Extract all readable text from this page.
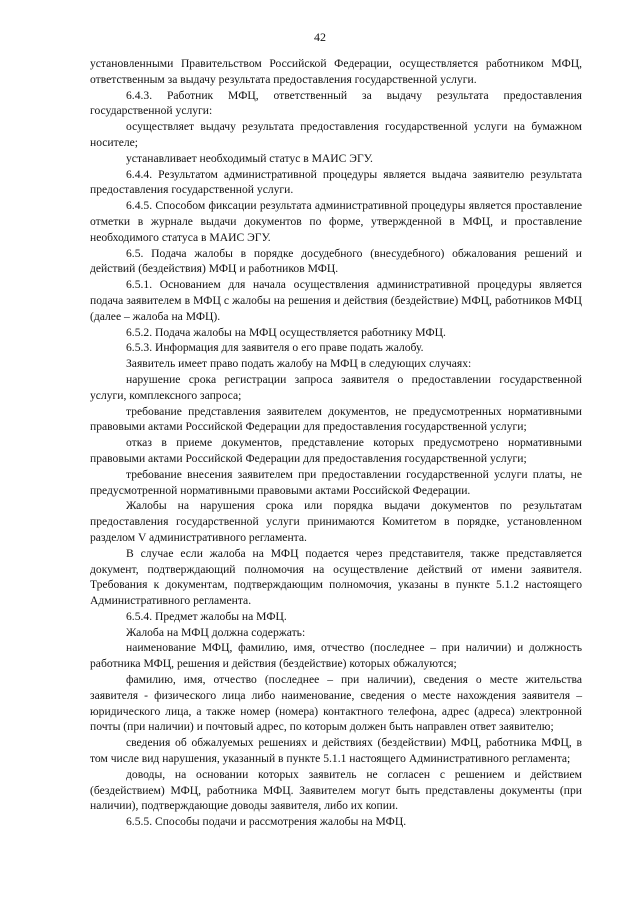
42

установленными Правительством Российской Федерации, осуществляется работником МФЦ, ответственным за выдачу результата предоставления государственной услуги.

6.4.3. Работник МФЦ, ответственный за выдачу результата предоставления государственной услуги:

осуществляет выдачу результата предоставления государственной услуги на бумажном носителе;

устанавливает необходимый статус в МАИС ЭГУ.

6.4.4. Результатом административной процедуры является выдача заявителю результата предоставления государственной услуги.

6.4.5. Способом фиксации результата административной процедуры является проставление отметки в журнале выдачи документов по форме, утвержденной в МФЦ, и проставление необходимого статуса в МАИС ЭГУ.

6.5. Подача жалобы в порядке досудебного (внесудебного) обжалования решений и действий (бездействия) МФЦ и работников МФЦ.

6.5.1. Основанием для начала осуществления административной процедуры является подача заявителем в МФЦ с жалобы на решения и действия (бездействие) МФЦ, работников МФЦ (далее – жалоба на МФЦ).

6.5.2. Подача жалобы на МФЦ осуществляется работнику МФЦ.

6.5.3. Информация для заявителя о его праве подать жалобу.

Заявитель имеет право подать жалобу на МФЦ в следующих случаях:

нарушение срока регистрации запроса заявителя о предоставлении государственной услуги, комплексного запроса;

требование представления заявителем документов, не предусмотренных нормативными правовыми актами Российской Федерации для предоставления государственной услуги;

отказ в приеме документов, представление которых предусмотрено нормативными правовыми актами Российской Федерации для предоставления государственной услуги;

требование внесения заявителем при предоставлении государственной услуги платы, не предусмотренной нормативными правовыми актами Российской Федерации.

Жалобы на нарушения срока или порядка выдачи документов по результатам предоставления государственной услуги принимаются Комитетом в порядке, установленном разделом V административного регламента.

В случае если жалоба на МФЦ подается через представителя, также представляется документ, подтверждающий полномочия на осуществление действий от имени заявителя. Требования к документам, подтверждающим полномочия, указаны в пункте 5.1.2 настоящего Административного регламента.

6.5.4. Предмет жалобы на МФЦ.

Жалоба на МФЦ должна содержать:

наименование МФЦ, фамилию, имя, отчество (последнее – при наличии) и должность работника МФЦ, решения и действия (бездействие) которых обжалуются;

фамилию, имя, отчество (последнее – при наличии), сведения о месте жительства заявителя - физического лица либо наименование, сведения о месте нахождения заявителя – юридического лица, а также номер (номера) контактного телефона, адрес (адреса) электронной почты (при наличии) и почтовый адрес, по которым должен быть направлен ответ заявителю;

сведения об обжалуемых решениях и действиях (бездействии) МФЦ, работника МФЦ, в том числе вид нарушения, указанный в пункте 5.1.1 настоящего Административного регламента;

доводы, на основании которых заявитель не согласен с решением и действием (бездействием) МФЦ, работника МФЦ. Заявителем могут быть представлены документы (при наличии), подтверждающие доводы заявителя, либо их копии.

6.5.5. Способы подачи и рассмотрения жалобы на МФЦ.
